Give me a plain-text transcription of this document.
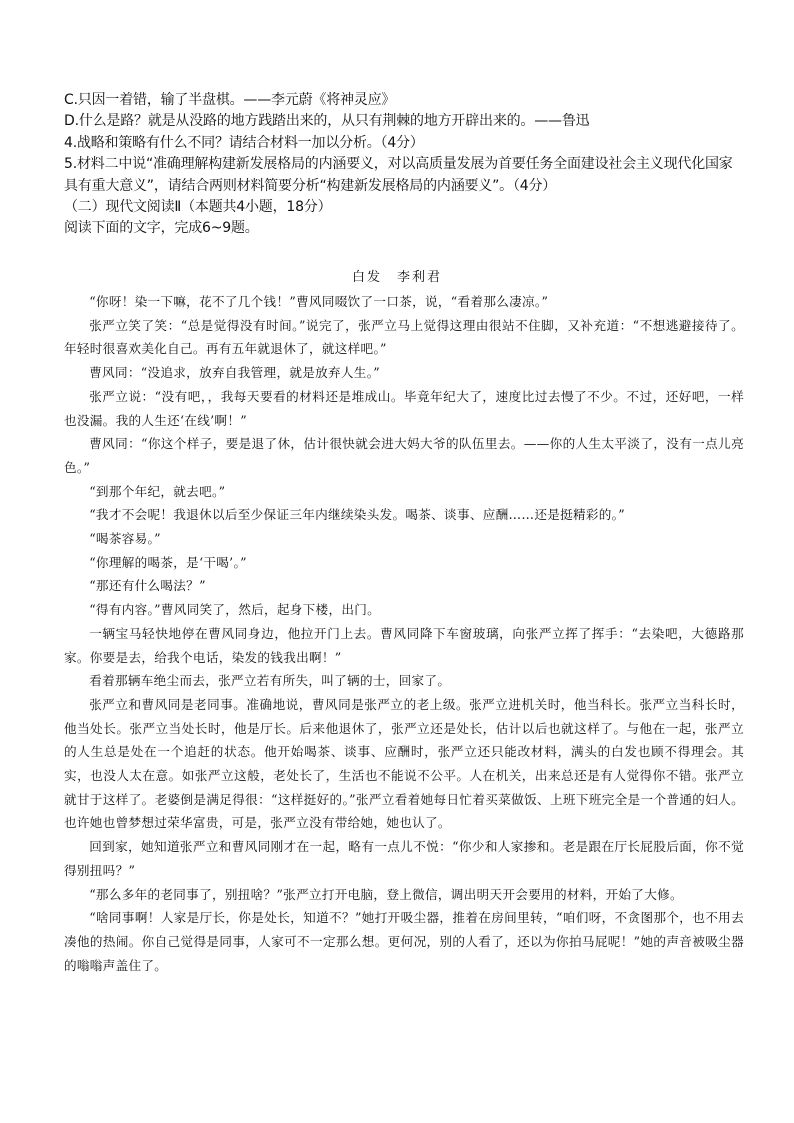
C.只因一着错，输了半盘棋。——李元蔚《将神灵应》

D.什么是路？就是从没路的地方践踏出来的，从只有荆棘的地方开辟出来的。——鲁迅

4.战略和策略有什么不同？请结合材料一加以分析。（4分）

5.材料二中说“准确理解构建新发展格局的内涵要义，对以高质量发展为首要任务全面建设社会主义现代化国家具有重大意义”，请结合两则材料简要分析“构建新发展格局的内涵要义”。（4分）

（二）现代文阅读Ⅱ（本题共4小题，18分）

阅读下面的文字，完成6~9题。

白发　李利君

“你呀！染一下嘛，花不了几个钱！”曹风同啜饮了一口茶，说，“看着那么凄凉。”

张严立笑了笑：“总是觉得没有时间。”说完了，张严立马上觉得这理由很站不住脚，又补充道：“不想逃避接待了。年轻时很喜欢美化自己。再有五年就退休了，就这样吧。”

曹风同：“没追求，放弃自我管理，就是放弃人生。”

张严立说：“没有吧，，我每天要看的材料还是堆成山。毕竟年纪大了，速度比过去慢了不少。不过，还好吧，一样也没漏。我的人生还‘在线’啊！”

曹风同：“你这个样子，要是退了休，估计很快就会进大妈大爷的队伍里去。——你的人生太平淡了，没有一点儿亮色。”

“到那个年纪，就去吧。”

“我才不会呢！我退休以后至少保证三年内继续染头发。喝茶、谈事、应酬……还是挺精彩的。”

“喝茶容易。”

“你理解的喝茶，是‘干喝’。”

“那还有什么喝法？”

“得有内容。”曹风同笑了，然后，起身下楼，出门。

一辆宝马轻快地停在曹风同身边，他拉开门上去。曹风同降下车窗玻璃，向张严立挥了挥手：“去染吧，大德路那家。你要是去，给我个电话，染发的钱我出啊！”

看着那辆车绝尘而去，张严立若有所失，叫了辆的士，回家了。

张严立和曹风同是老同事。准确地说，曹风同是张严立的老上级。张严立进机关时，他当科长。张严立当科长时，他当处长。张严立当处长时，他是厅长。后来他退休了，张严立还是处长，估计以后也就这样了。与他在一起，张严立的人生总是处在一个追赶的状态。他开始喝茶、谈事、应酬时，张严立还只能改材料，满头的白发也顾不得理会。其实，也没人太在意。如张严立这般，老处长了，生活也不能说不公平。人在机关，出来总还是有人觉得你不错。张严立就甘于这样了。老婆倒是满足得很：“这样挺好的。”张严立看着她每日忙着买菜做饭、上班下班完全是一个普通的妇人。也许她也曾梦想过荣华富贵，可是，张严立没有带给她，她也认了。

回到家，她知道张严立和曹风同刚才在一起，略有一点儿不悦：“你少和人家掺和。老是跟在厅长屁股后面，你不觉得别扭吗？”

“那么多年的老同事了，别扭啥？”张严立打开电脑，登上微信，调出明天开会要用的材料，开始了大修。

“啥同事啊！人家是厅长，你是处长，知道不？”她打开吸尘器，推着在房间里转，“咱们呀，不贪图那个，也不用去凑他的热闹。你自己觉得是同事，人家可不一定那么想。更何况，别的人看了，还以为你拍马屁呢！”她的声音被吸尘器的嗡嗡声盖住了。
